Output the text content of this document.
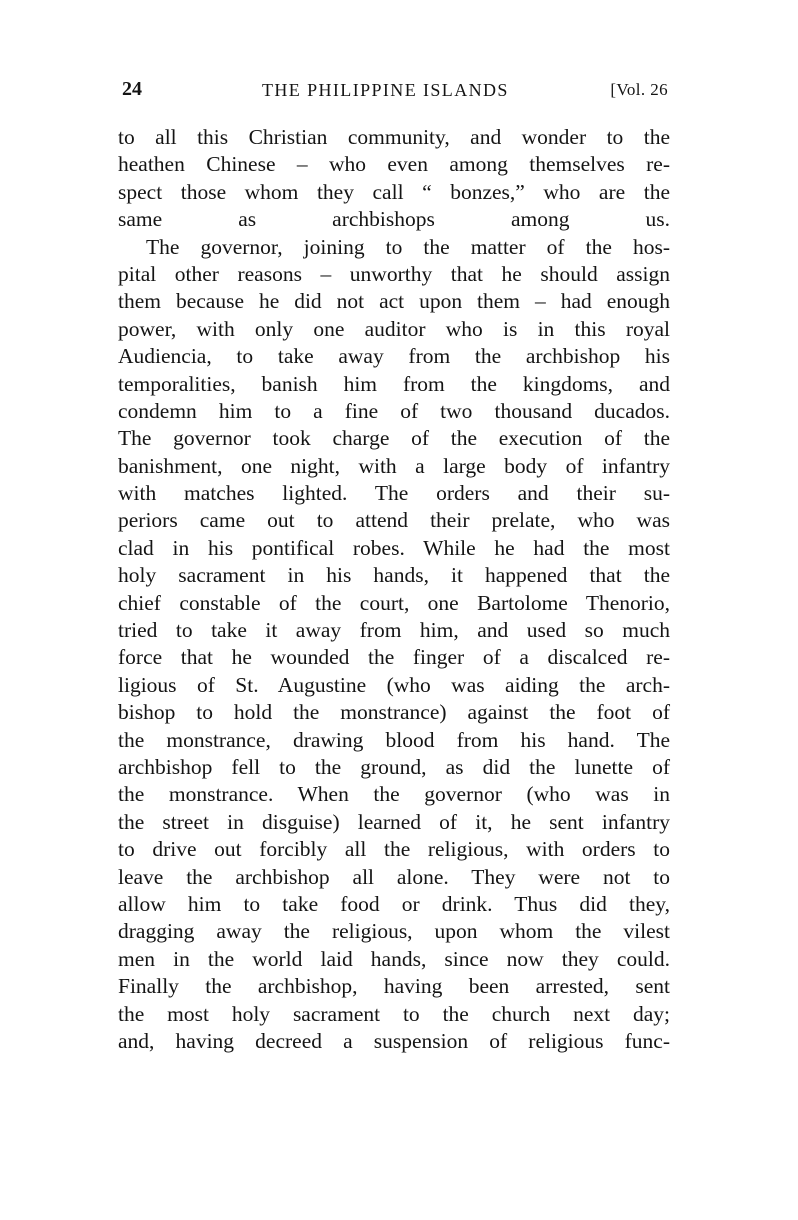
24	THE PHILIPPINE ISLANDS	[Vol. 26
to all this Christian community, and wonder to the
heathen Chinese – who even among themselves re-
spect those whom they call “ bonzes,” who are the
same as archbishops among us.
The governor, joining to the matter of the hos-
pital other reasons – unworthy that he should assign
them because he did not act upon them – had enough
power, with only one auditor who is in this royal
Audiencia, to take away from the archbishop his
temporalities, banish him from the kingdoms, and
condemn him to a fine of two thousand ducados.
The governor took charge of the execution of the
banishment, one night, with a large body of infantry
with matches lighted. The orders and their su-
periors came out to attend their prelate, who was
clad in his pontifical robes. While he had the most
holy sacrament in his hands, it happened that the
chief constable of the court, one Bartolome Thenorio,
tried to take it away from him, and used so much
force that he wounded the finger of a discalced re-
ligious of St. Augustine (who was aiding the arch-
bishop to hold the monstrance) against the foot of
the monstrance, drawing blood from his hand. The
archbishop fell to the ground, as did the lunette of
the monstrance. When the governor (who was in
the street in disguise) learned of it, he sent infantry
to drive out forcibly all the religious, with orders to
leave the archbishop all alone. They were not to
allow him to take food or drink. Thus did they,
dragging away the religious, upon whom the vilest
men in the world laid hands, since now they could.
Finally the archbishop, having been arrested, sent
the most holy sacrament to the church next day;
and, having decreed a suspension of religious func-
